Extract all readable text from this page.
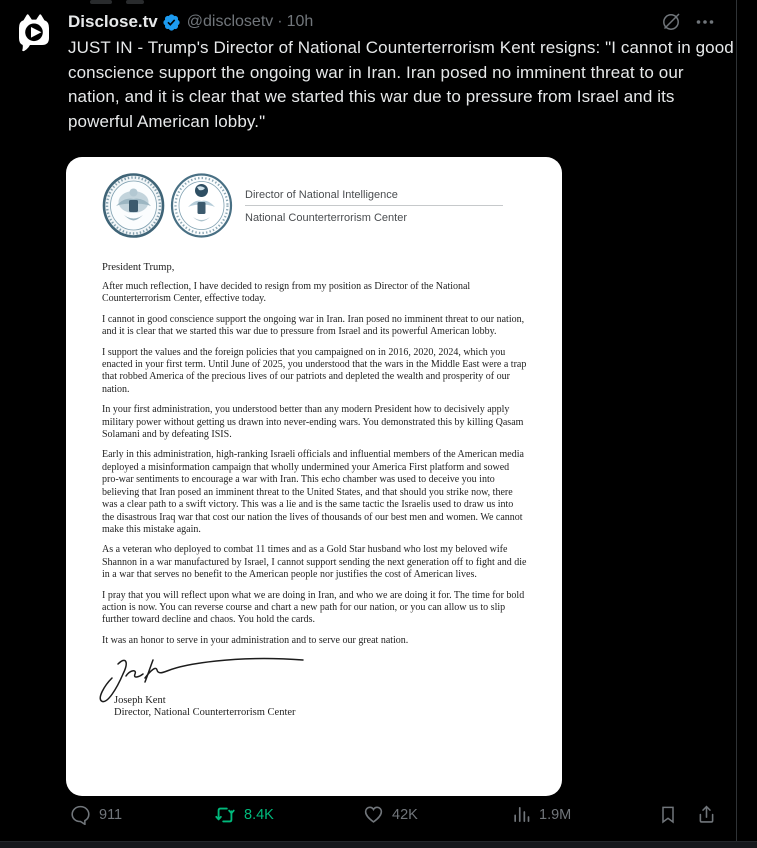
Disclose.tv @disclosetv · 10h
JUST IN - Trump's Director of National Counterterrorism Kent resigns: "I cannot in good conscience support the ongoing war in Iran. Iran posed no imminent threat to our nation, and it is clear that we started this war due to pressure from Israel and its powerful American lobby."
Director of National Intelligence
National Counterterrorism Center
President Trump,

After much reflection, I have decided to resign from my position as Director of the National Counterterrorism Center, effective today.

I cannot in good conscience support the ongoing war in Iran. Iran posed no imminent threat to our nation, and it is clear that we started this war due to pressure from Israel and its powerful American lobby.

I support the values and the foreign policies that you campaigned on in 2016, 2020, 2024, which you enacted in your first term. Until June of 2025, you understood that the wars in the Middle East were a trap that robbed America of the precious lives of our patriots and depleted the wealth and prosperity of our nation.

In your first administration, you understood better than any modern President how to decisively apply military power without getting us drawn into never-ending wars. You demonstrated this by killing Qasam Solamani and by defeating ISIS.

Early in this administration, high-ranking Israeli officials and influential members of the American media deployed a misinformation campaign that wholly undermined your America First platform and sowed pro-war sentiments to encourage a war with Iran. This echo chamber was used to deceive you into believing that Iran posed an imminent threat to the United States, and that should you strike now, there was a clear path to a swift victory. This was a lie and is the same tactic the Israelis used to draw us into the disastrous Iraq war that cost our nation the lives of thousands of our best men and women. We cannot make this mistake again.

As a veteran who deployed to combat 11 times and as a Gold Star husband who lost my beloved wife Shannon in a war manufactured by Israel, I cannot support sending the next generation off to fight and die in a war that serves no benefit to the American people nor justifies the cost of American lives.

I pray that you will reflect upon what we are doing in Iran, and who we are doing it for. The time for bold action is now. You can reverse course and chart a new path for our nation, or you can allow us to slip further toward decline and chaos. You hold the cards.

It was an honor to serve in your administration and to serve our great nation.

Joseph Kent
Director, National Counterterrorism Center
911	8.4K	42K	1.9M
